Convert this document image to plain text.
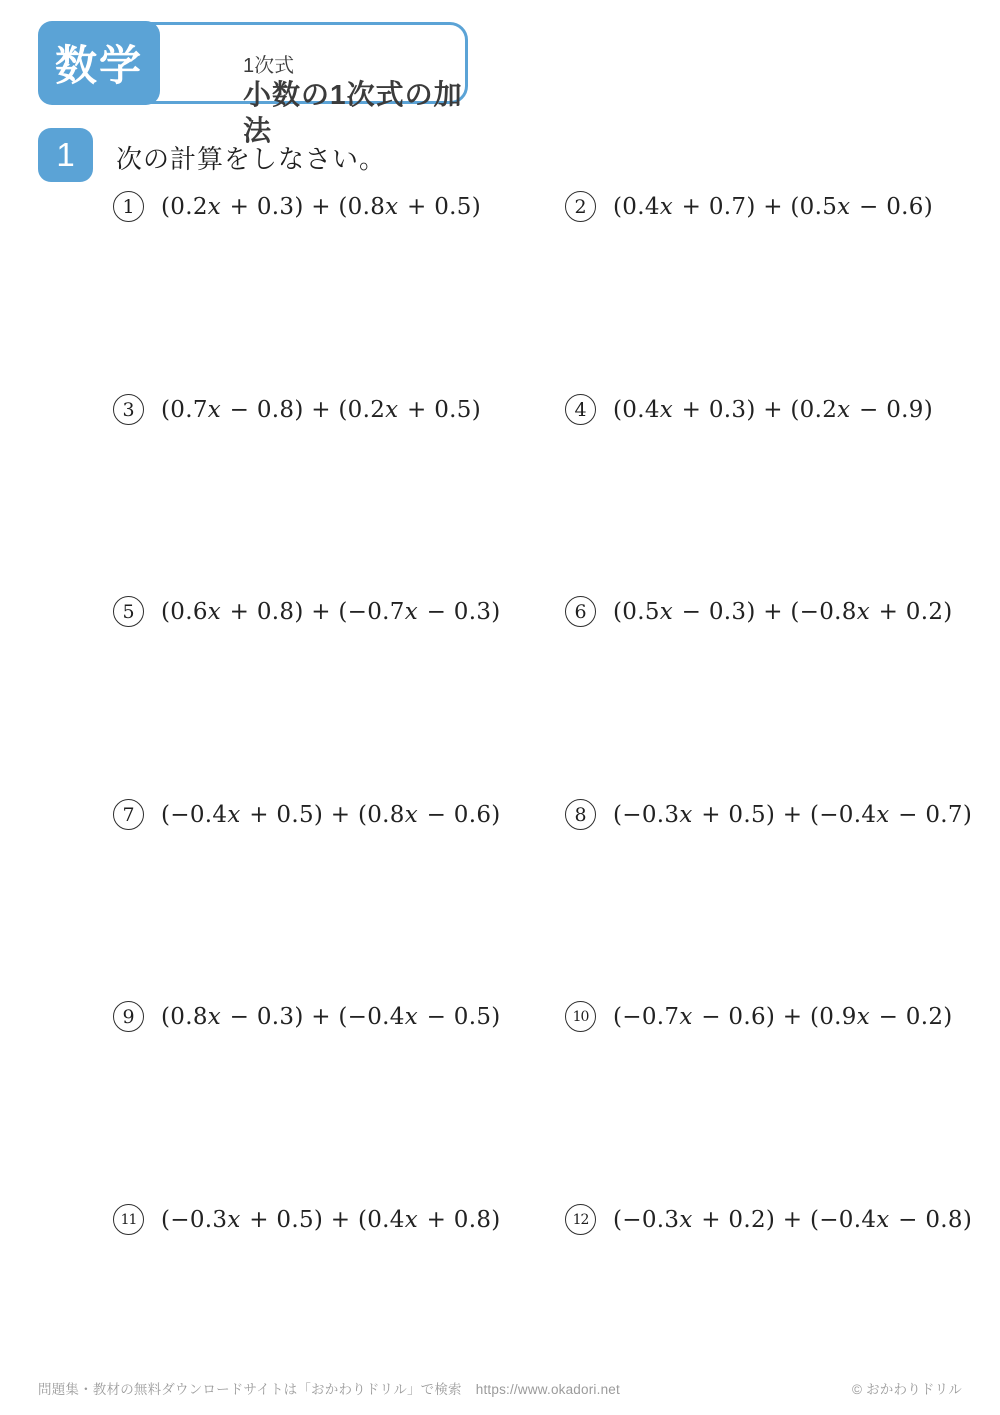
1次式
小数の1次式の加法
数学
1	次の計算をしなさい。
1	(0.2x + 0.3) + (0.8x + 0.5)	2	(0.4x + 0.7) + (0.5x − 0.6)
3	(0.7x − 0.8) + (0.2x + 0.5)	4	(0.4x + 0.3) + (0.2x − 0.9)
5	(0.6x + 0.8) + (−0.7x − 0.3)	6	(0.5x − 0.3) + (−0.8x + 0.2)
7	(−0.4x + 0.5) + (0.8x − 0.6)	8	(−0.3x + 0.5) + (−0.4x − 0.7)
9	(0.8x − 0.3) + (−0.4x − 0.5)	10	(−0.7x − 0.6) + (0.9x − 0.2)
11	(−0.3x + 0.5) + (0.4x + 0.8)	12	(−0.3x + 0.2) + (−0.4x − 0.8)
問題集・教材の無料ダウンロードサイトは「おかわりドリル」で検索 https://www.okadori.net	© おかわりドリル
